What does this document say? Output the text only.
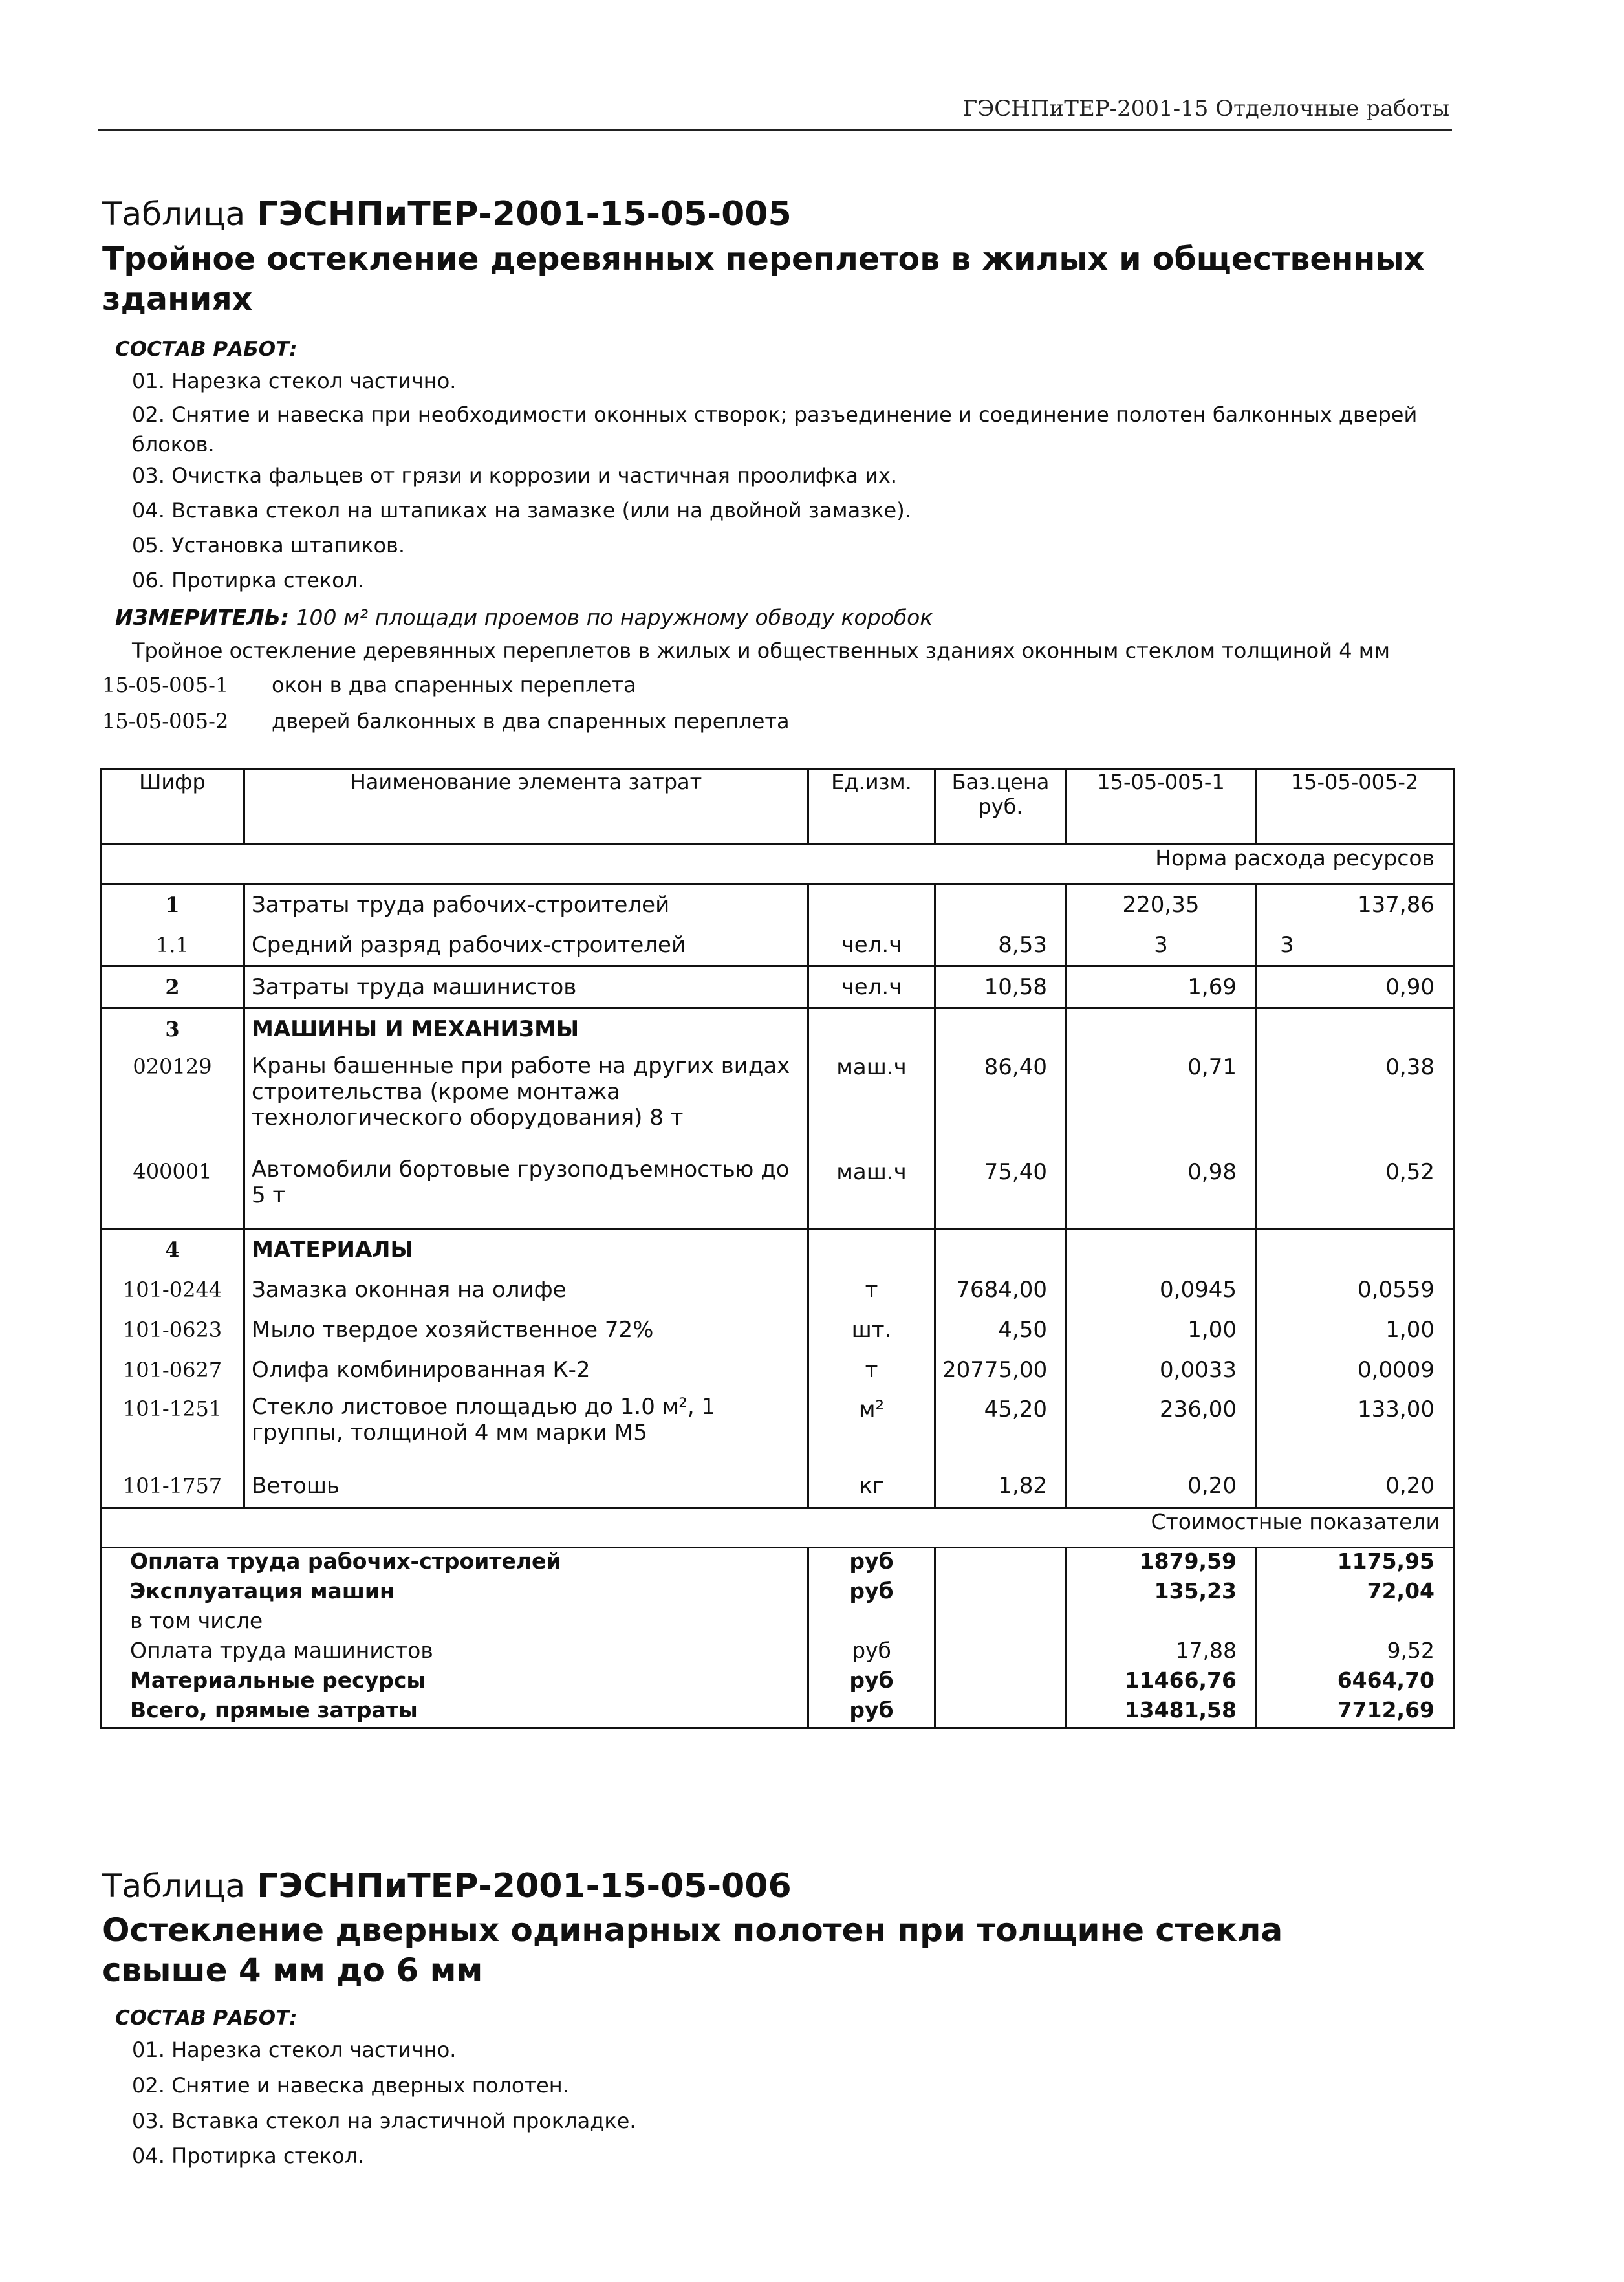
ГЭСНПиТЕР-2001-15 Отделочные работы
Таблица ГЭСНПиТЕР-2001-15-05-005
Тройное остекление деревянных переплетов в жилых и общественных
зданиях
СОСТАВ РАБОТ:
01. Нарезка стекол частично.
02. Снятие и навеска при необходимости оконных створок; разъединение и соединение полотен балконных дверей блоков.
03. Очистка фальцев от грязи и коррозии и частичная проолифка их.
04. Вставка стекол на штапиках на замазке (или на двойной замазке).
05. Установка штапиков.
06. Протирка стекол.
ИЗМЕРИТЕЛЬ: 100 м² площади проемов по наружному обводу коробок
Тройное остекление деревянных переплетов в жилых и общественных зданиях оконным стеклом толщиной 4 мм
15-05-005-1 окон в два спаренных переплета
15-05-005-2 дверей балконных в два спаренных переплета
Шифр	Наименование элемента затрат	Ед.изм.	Баз.цена руб.	15-05-005-1	15-05-005-2
Норма расхода ресурсов					
1	Затраты труда рабочих-строителей			220,35	137,86
1.1	Средний разряд рабочих-строителей	чел.ч	8,53	3	3
2	Затраты труда машинистов	чел.ч	10,58	1,69	0,90
3	МАШИНЫ И МЕХАНИЗМЫ				
020129	Краны башенные при работе на других видах строительства (кроме монтажа технологического оборудования) 8 т	маш.ч	86,40	0,71	0,38
400001	Автомобили бортовые грузоподъемностью до 5 т	маш.ч	75,40	0,98	0,52
4	МАТЕРИАЛЫ				
101-0244	Замазка оконная на олифе	т	7684,00	0,0945	0,0559
101-0623	Мыло твердое хозяйственное 72%	шт.	4,50	1,00	1,00
101-0627	Олифа комбинированная К-2	т	20775,00	0,0033	0,0009
101-1251	Стекло листовое площадью до 1.0 м², 1 группы, толщиной 4 мм марки М5	м²	45,20	236,00	133,00
101-1757	Ветошь	кг	1,82	0,20	0,20
Стоимостные показатели					
Оплата труда рабочих-строителей		руб		1879,59	1175,95
Эксплуатация машин		руб		135,23	72,04
в том числе					
Оплата труда машинистов		руб		17,88	9,52
Материальные ресурсы		руб		11466,76	6464,70
Всего, прямые затраты		руб		13481,58	7712,69
Таблица ГЭСНПиТЕР-2001-15-05-006
Остекление дверных одинарных полотен при толщине стекла
свыше 4 мм до 6 мм
СОСТАВ РАБОТ:
01. Нарезка стекол частично.
02. Снятие и навеска дверных полотен.
03. Вставка стекол на эластичной прокладке.
04. Протирка стекол.
